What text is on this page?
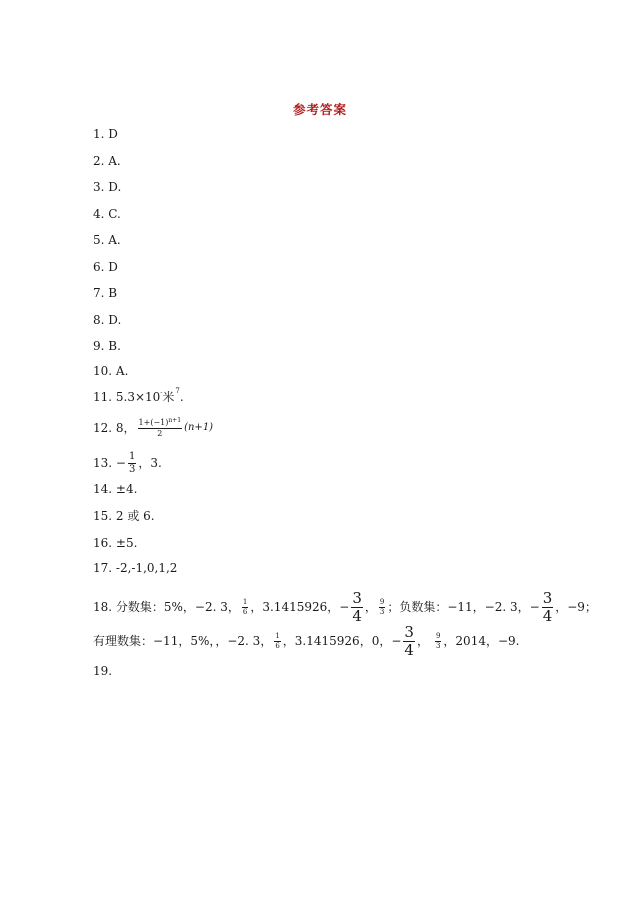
参考答案
1. D
2. A.
3. D.
4. C.
5. A.
6. D
7. B
8. D.
9. B.
10. A.
11. 5.3×10 - 米 7 .
12. 8， $\frac{1+(-1)^{n+1}}{2} (n+1)$
13. − $\frac{1}{3}$ ，3.
14. ±4.
15. 2 或 6.
16. ±5.
17. -2,-1,0,1,2
18. 分数集：5%，−2. 3， $\frac{1}{6}$ ，3.1415926，− $\frac{3}{4}$ ， $\frac{9}{3}$ ；负数集：−11，−2. 3，− $\frac{3}{4}$ ，−9；
有理数集：−11，5%，，−2. 3， $\frac{1}{6}$ ，3.1415926，0，− $\frac{3}{4}$ ， $\frac{9}{3}$ ，2014，−9.
19.
